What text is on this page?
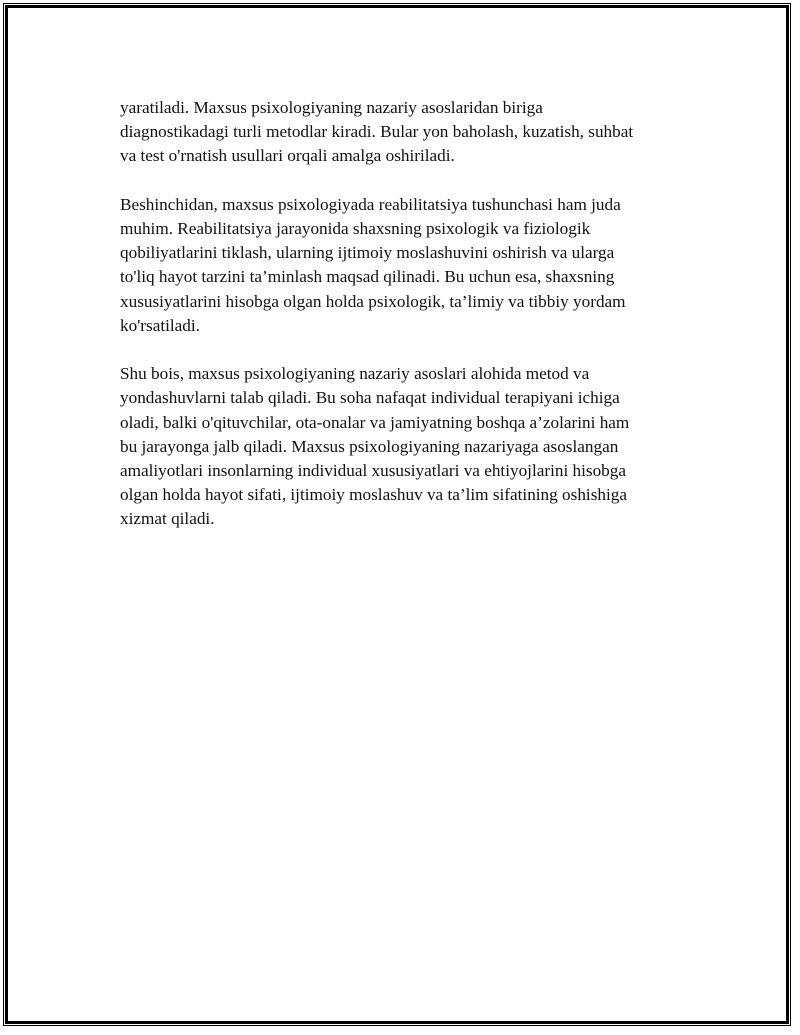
yaratiladi. Maxsus psixologiyaning nazariy asoslaridan biriga
diagnostikadagi turli metodlar kiradi. Bular yon baholash, kuzatish, suhbat
va test o'rnatish usullari orqali amalga oshiriladi.

Beshinchidan, maxsus psixologiyada reabilitatsiya tushunchasi ham juda
muhim. Reabilitatsiya jarayonida shaxsning psixologik va fiziologik
qobiliyatlarini tiklash, ularning ijtimoiy moslashuvini oshirish va ularga
to'liq hayot tarzini ta’minlash maqsad qilinadi. Bu uchun esa, shaxsning
xususiyatlarini hisobga olgan holda psixologik, ta’limiy va tibbiy yordam
ko'rsatiladi.

Shu bois, maxsus psixologiyaning nazariy asoslari alohida metod va
yondashuvlarni talab qiladi. Bu soha nafaqat individual terapiyani ichiga
oladi, balki o'qituvchilar, ota-onalar va jamiyatning boshqa a’zolarini ham
bu jarayonga jalb qiladi. Maxsus psixologiyaning nazariyaga asoslangan
amaliyotlari insonlarning individual xususiyatlari va ehtiyojlarini hisobga
olgan holda hayot sifati, ijtimoiy moslashuv va ta’lim sifatining oshishiga
xizmat qiladi.
